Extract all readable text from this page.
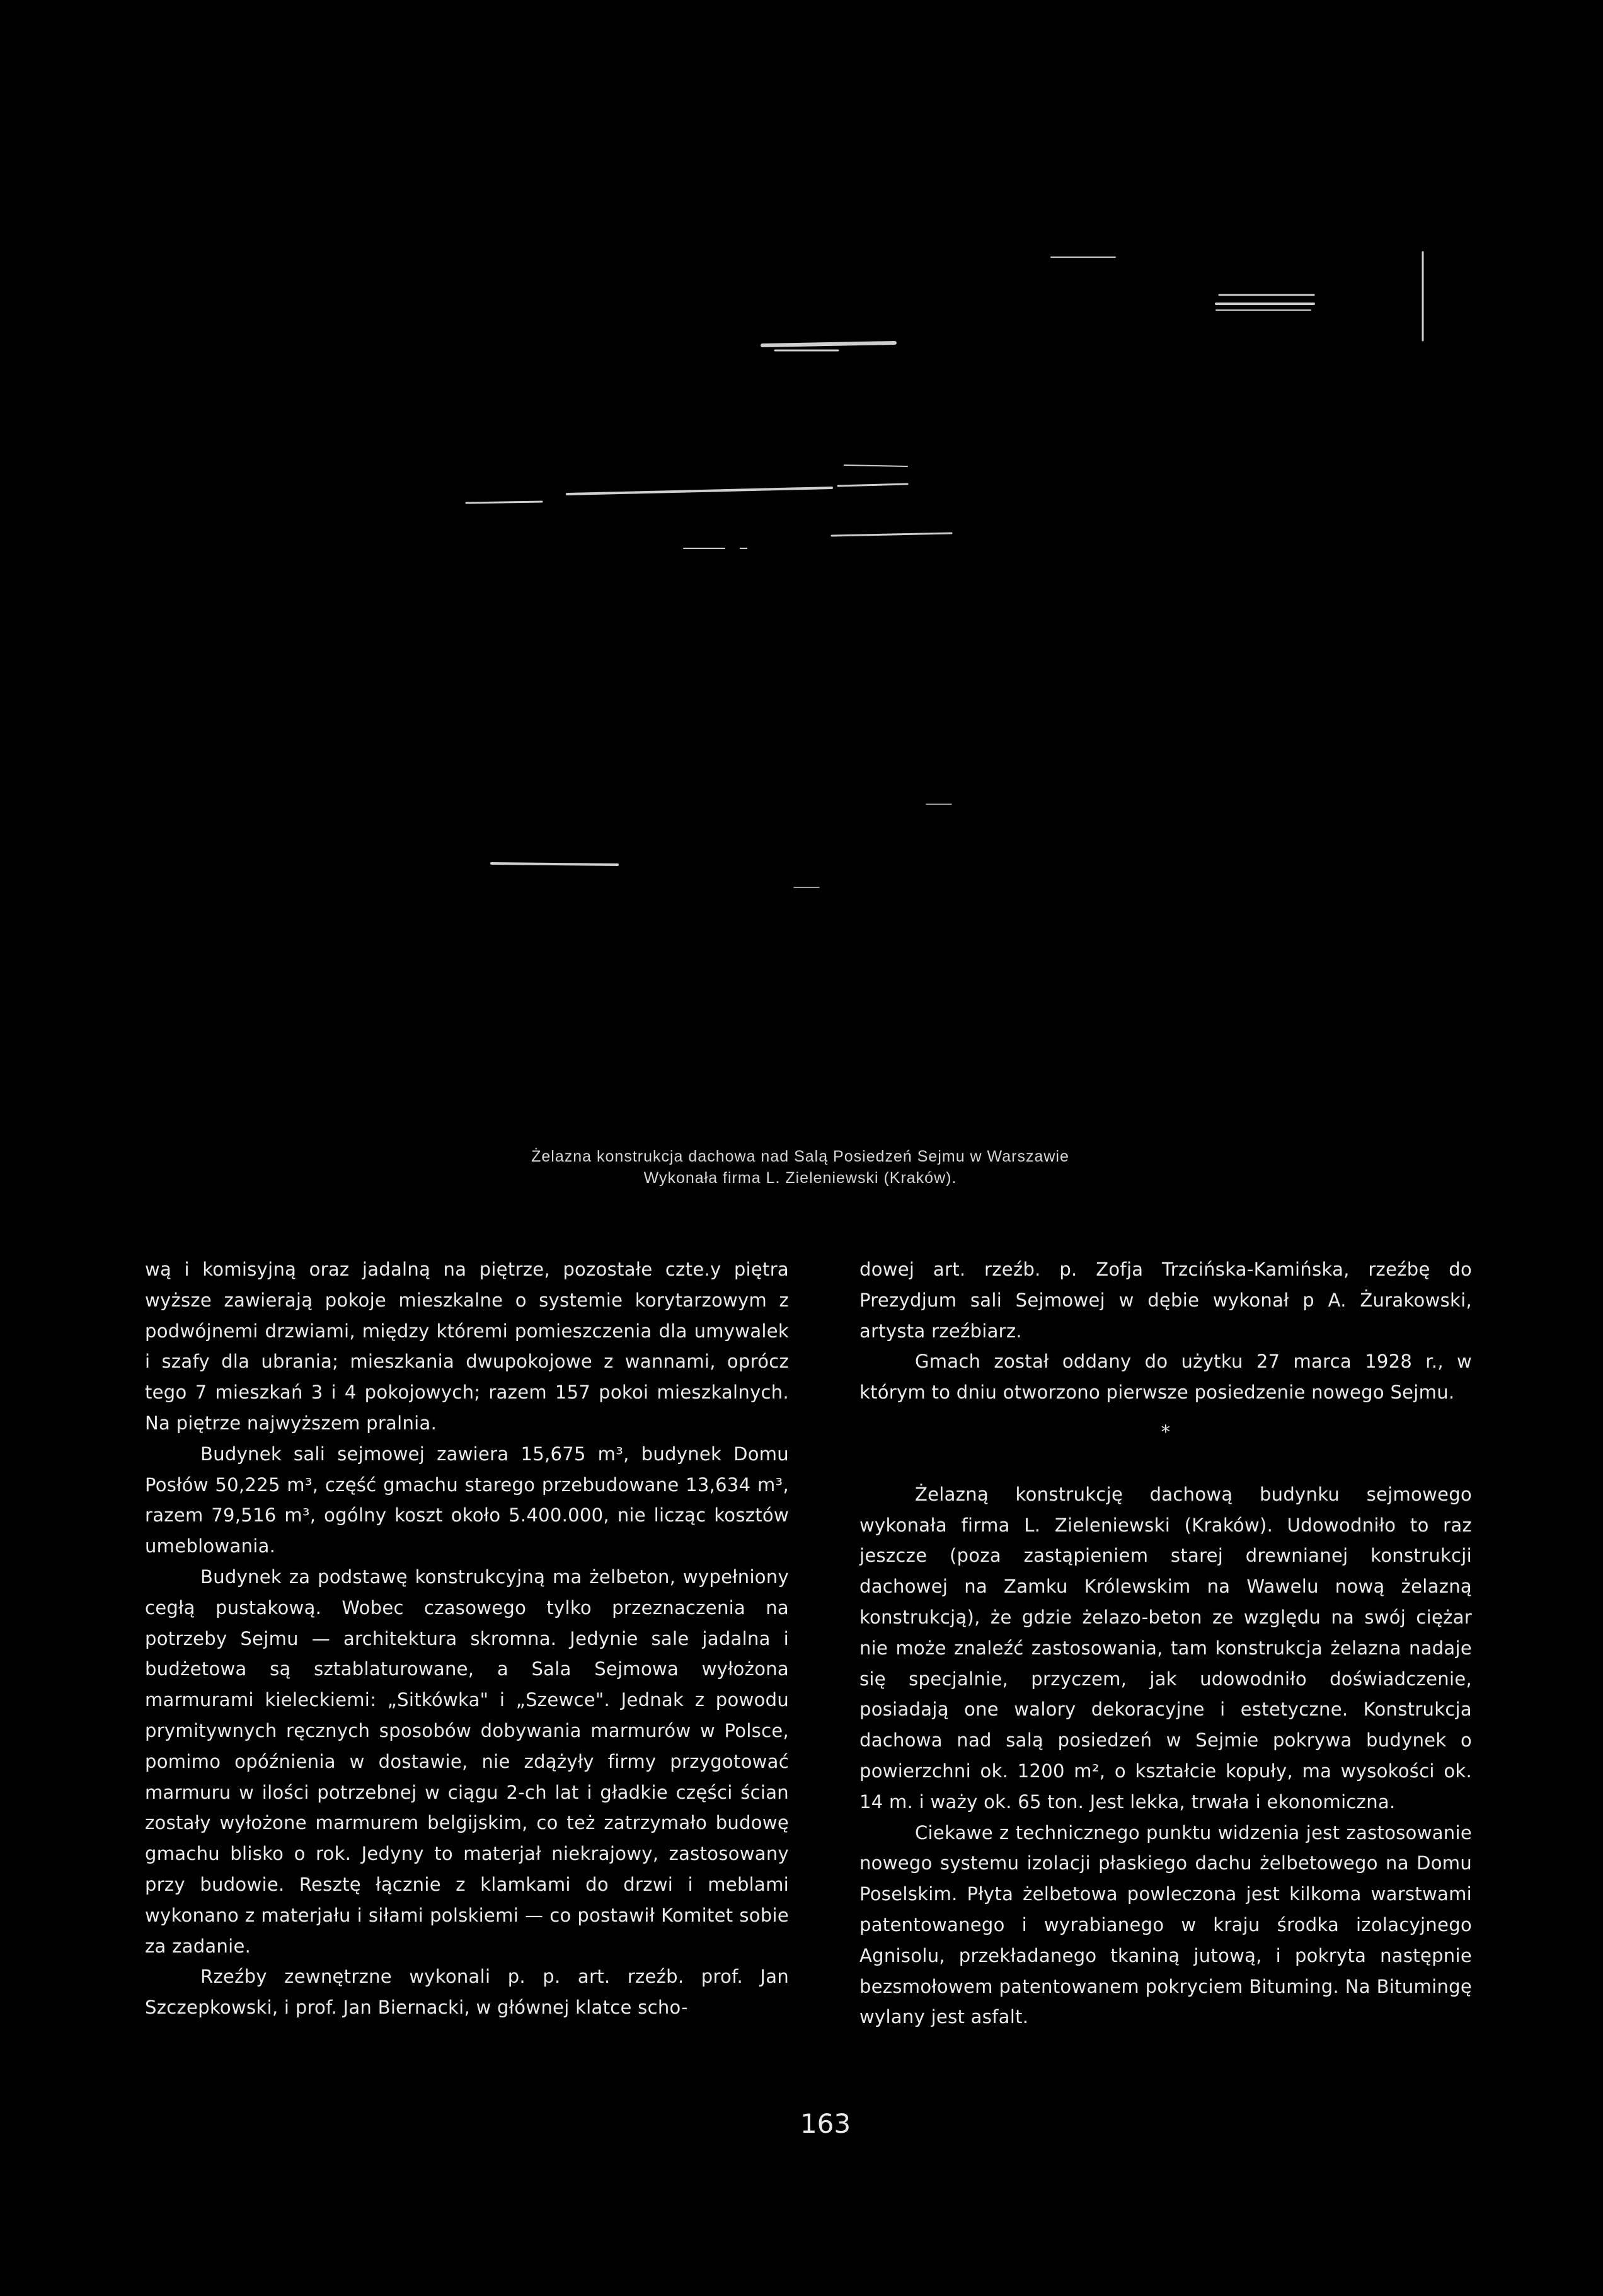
Żelazna konstrukcja dachowa nad Salą Posiedzeń Sejmu w Warszawie
Wykonała firma L. Zieleniewski (Kraków).

wą i komisyjną oraz jadalną na piętrze, pozostałe czte.y piętra wyższe zawierają pokoje mieszkalne o systemie korytarzowym z podwójnemi drzwiami, między któremi pomieszczenia dla umywalek i szafy dla ubrania; mieszkania dwupokojowe z wannami, oprócz tego 7 mieszkań 3 i 4 pokojowych; razem 157 pokoi mieszkalnych. Na piętrze najwyższem pralnia.

Budynek sali sejmowej zawiera 15,675 m³, budynek Domu Posłów 50,225 m³, część gmachu starego przebudowane 13,634 m³, razem 79,516 m³, ogólny koszt około 5.400.000, nie licząc kosztów umeblowania.

Budynek za podstawę konstrukcyjną ma żelbeton, wypełniony cegłą pustakową. Wobec czasowego tylko przeznaczenia na potrzeby Sejmu — architektura skromna. Jedynie sale jadalna i budżetowa są sztablaturowane, a Sala Sejmowa wyłożona marmurami kieleckiemi: „Sitkówka" i „Szewce". Jednak z powodu prymitywnych ręcznych sposobów dobywania marmurów w Polsce, pomimo opóźnienia w dostawie, nie zdążyły firmy przygotować marmuru w ilości potrzebnej w ciągu 2-ch lat i gładkie części ścian zostały wyłożone marmurem belgijskim, co też zatrzymało budowę gmachu blisko o rok. Jedyny to materjał niekrajowy, zastosowany przy budowie. Resztę łącznie z klamkami do drzwi i meblami wykonano z materjału i siłami polskiemi — co postawił Komitet sobie za zadanie.

Rzeźby zewnętrzne wykonali p. p. art. rzeźb. prof. Jan Szczepkowski, i prof. Jan Biernacki, w głównej klatce scho-

dowej art. rzeźb. p. Zofja Trzcińska-Kamińska, rzeźbę do Prezydjum sali Sejmowej w dębie wykonał p A. Żurakowski, artysta rzeźbiarz.

Gmach został oddany do użytku 27 marca 1928 r., w którym to dniu otworzono pierwsze posiedzenie nowego Sejmu.

*

Żelazną konstrukcję dachową budynku sejmowego wykonała firma L. Zieleniewski (Kraków). Udowodniło to raz jeszcze (poza zastąpieniem starej drewnianej konstrukcji dachowej na Zamku Królewskim na Wawelu nową żelazną konstrukcją), że gdzie żelazo-beton ze względu na swój ciężar nie może znaleźć zastosowania, tam konstrukcja żelazna nadaje się specjalnie, przyczem, jak udowodniło doświadczenie, posiadają one walory dekoracyjne i estetyczne. Konstrukcja dachowa nad salą posiedzeń w Sejmie pokrywa budynek o powierzchni ok. 1200 m², o kształcie kopuły, ma wysokości ok. 14 m. i waży ok. 65 ton. Jest lekka, trwała i ekonomiczna.

Ciekawe z technicznego punktu widzenia jest zastosowanie nowego systemu izolacji płaskiego dachu żelbetowego na Domu Poselskim. Płyta żelbetowa powleczona jest kilkoma warstwami patentowanego i wyrabianego w kraju środka izolacyjnego Agnisolu, przekładanego tkaniną jutową, i pokryta następnie bezsmołowem patentowanem pokryciem Bituming. Na Bitumingę wylany jest asfalt.

163
